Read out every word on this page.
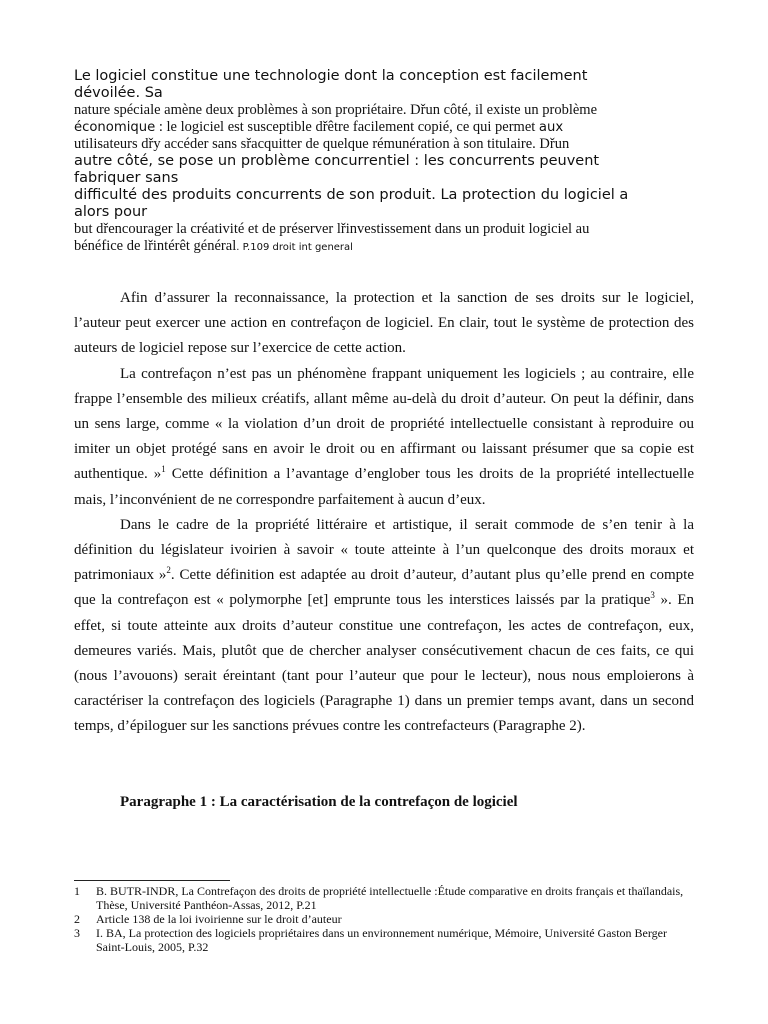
Le logiciel constitue une technologie dont la conception est facilement

dévoilée. Sa

nature spéciale amène deux problèmes à son propriétaire. Dřun côté, il existe un problème

économique : le logiciel est susceptible dřêtre facilement copié, ce qui permet aux

utilisateurs dřy accéder sans sřacquitter de quelque rémunération à son titulaire. Dřun

autre côté, se pose un problème concurrentiel : les concurrents peuvent

fabriquer sans

difficulté des produits concurrents de son produit. La protection du logiciel a

alors pour

but dřencourager la créativité et de préserver lřinvestissement dans un produit logiciel au

bénéfice de lřintérêt général. P.109 droit int general

Afin d’assurer la reconnaissance, la protection et la sanction de ses droits sur le logiciel, l’auteur peut exercer une action en contrefaçon de logiciel. En clair, tout le système de protection des auteurs de logiciel repose sur l’exercice de cette action.

La contrefaçon n’est pas un phénomène frappant uniquement les logiciels ; au contraire, elle frappe l’ensemble des milieux créatifs, allant même au-delà du droit d’auteur. On peut la définir, dans un sens large, comme « la violation d’un droit de propriété intellectuelle consistant à reproduire ou imiter un objet protégé sans en avoir le droit ou en affirmant ou laissant présumer que sa copie est authentique. »$^1$ Cette définition a l’avantage d’englober tous les droits de la propriété intellectuelle mais, l’inconvénient de ne correspondre parfaitement à aucun d’eux.

Dans le cadre de la propriété littéraire et artistique, il serait commode de s’en tenir à la définition du législateur ivoirien à savoir « toute atteinte à l’un quelconque des droits moraux et patrimoniaux »$^2$. Cette définition est adaptée au droit d’auteur, d’autant plus qu’elle prend en compte que la contrefaçon est « polymorphe [et] emprunte tous les interstices laissés par la pratique$^3$ ». En effet, si toute atteinte aux droits d’auteur constitue une contrefaçon, les actes de contrefaçon, eux, demeures variés. Mais, plutôt que de chercher analyser consécutivement chacun de ces faits, ce qui (nous l’avouons) serait éreintant (tant pour l’auteur que pour le lecteur), nous nous emploierons à caractériser la contrefaçon des logiciels (Paragraphe 1) dans un premier temps avant, dans un second temps, d’épiloguer sur les sanctions prévues contre les contrefacteurs (Paragraphe 2).

Paragraphe 1 : La caractérisation de la contrefaçon de logiciel

1 B. BUTR-INDR, La Contrefaçon des droits de propriété intellectuelle :Étude comparative en droits français et thaïlandais, Thèse, Université Panthéon-Assas, 2012, P.21

2 Article 138 de la loi ivoirienne sur le droit d’auteur

3 I. BA, La protection des logiciels propriétaires dans un environnement numérique, Mémoire, Université Gaston Berger Saint-Louis, 2005, P.32
